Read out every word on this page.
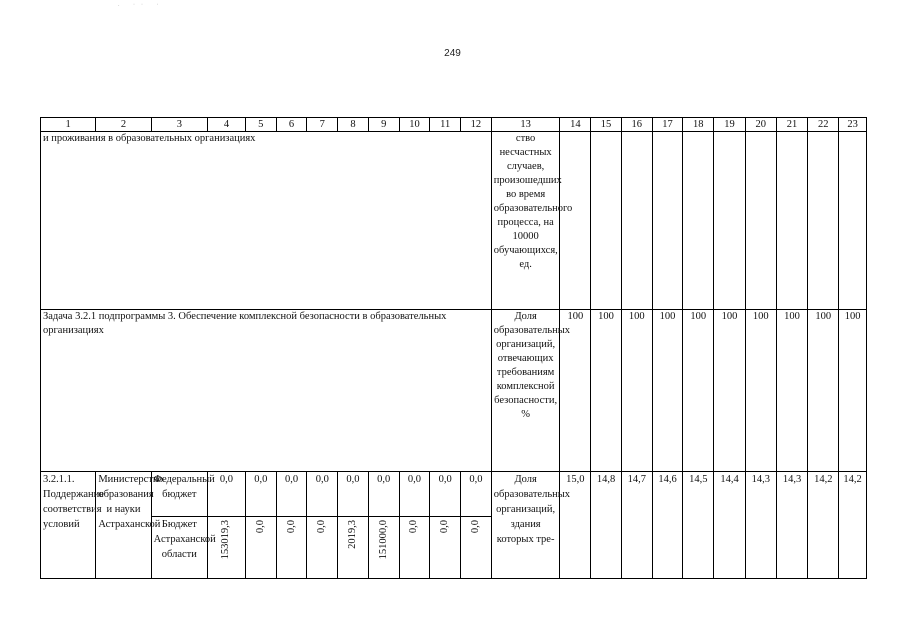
. ·· ·
249
1	2	3	4	5	6	7	8	9	10	11	12	13	14	15	16	17	18	19	20	21	22	23
и проживания в образовательных организациях												ство несчастных случаев, произошедших во время образовательного процесса, на 10000 обучающихся, ед.										
Задача 3.2.1 подпрограммы 3. Обеспечение комплексной безопасности в образовательных организациях												Доля образовательных организаций, отвечающих требованиям комплексной безопасности, %	100	100	100	100	100	100	100	100	100	100
3.2.1.1. Поддержание соответствия условий	Министерство образования и науки Астраханской	Федеральный бюджет	0,0	0,0	0,0	0,0	0,0	0,0	0,0	0,0	0,0	Доля образовательных организаций, здания которых тре-	15,0	14,8	14,7	14,6	14,5	14,4	14,3	14,3	14,2	14,2
		Бюджет Астраханской области	153019,3	0,0	0,0	0,0	2019,3	151000,0	0,0	0,0	0,0											
